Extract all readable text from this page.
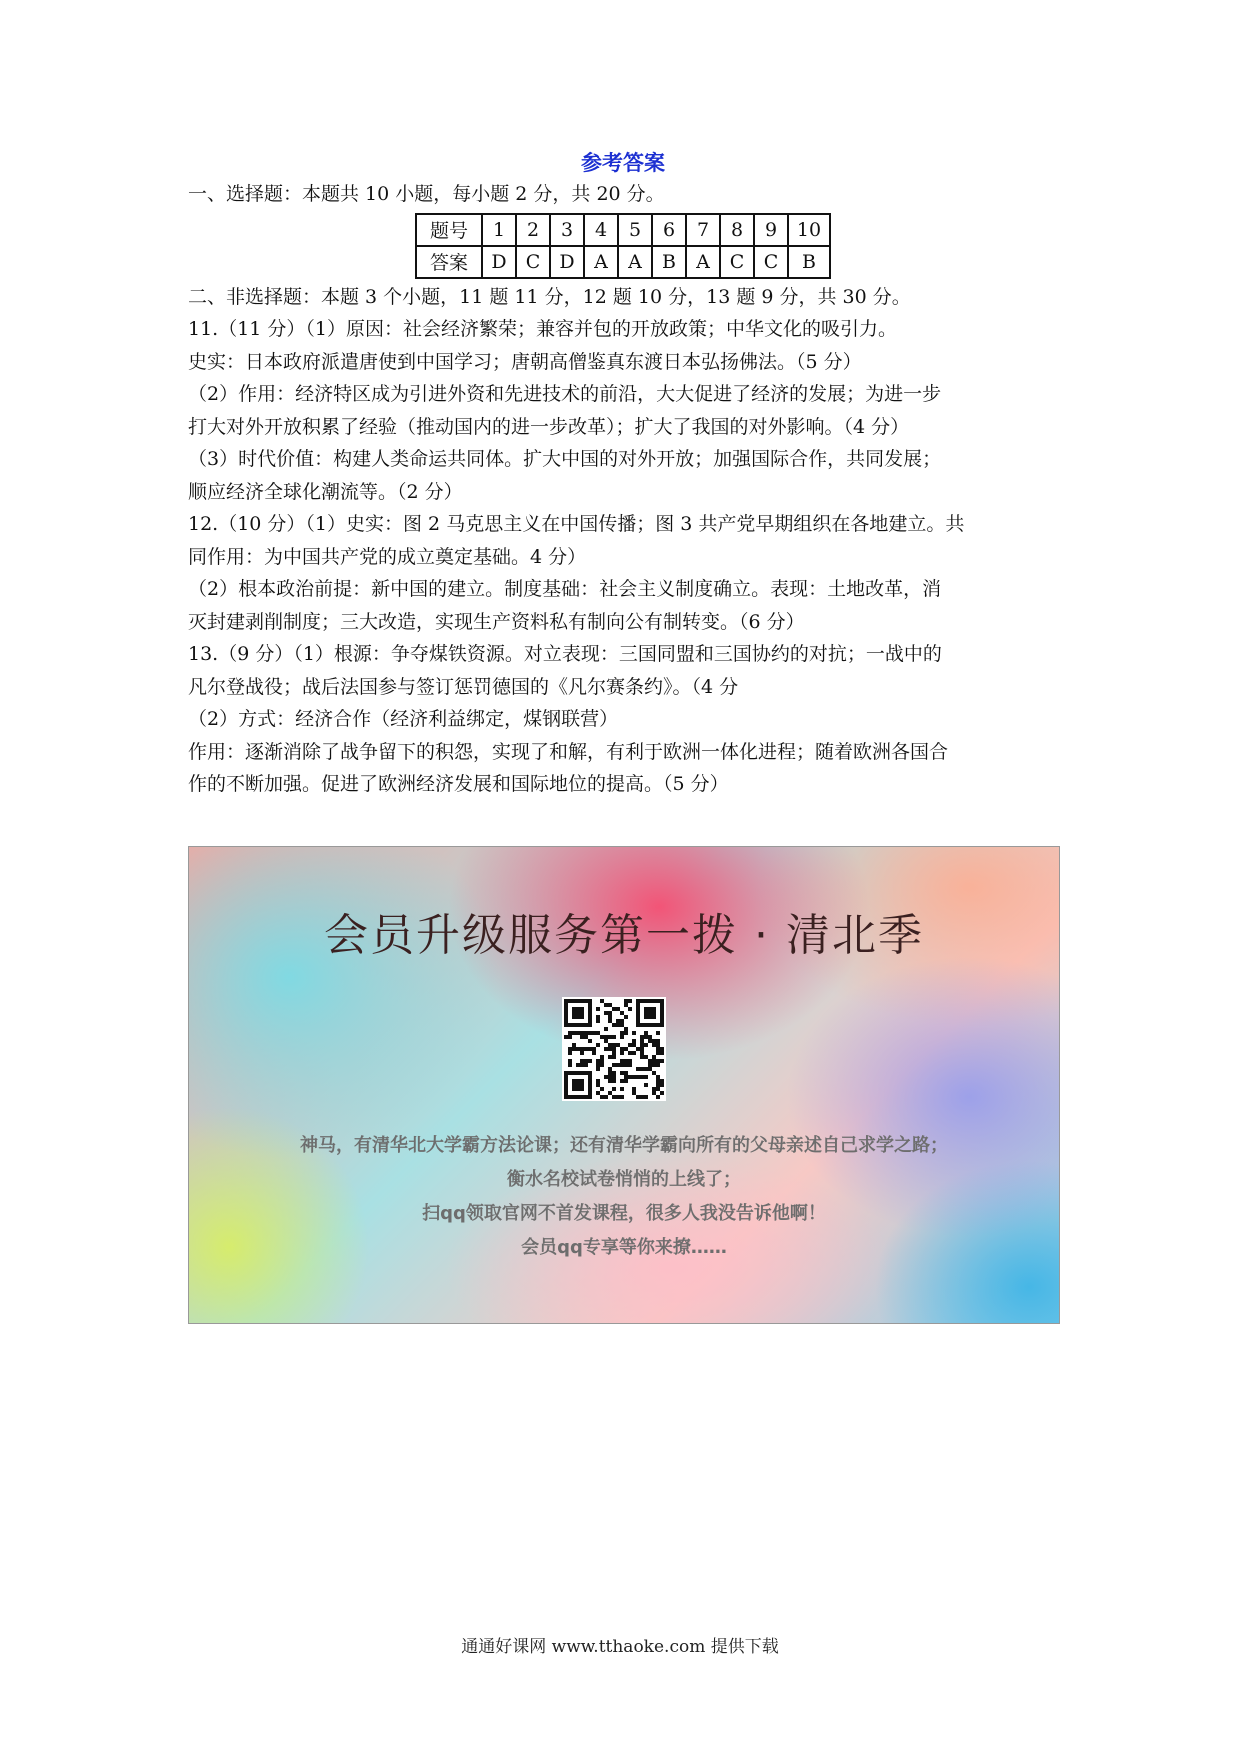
参考答案

一、选择题：本题共 10 小题，每小题 2 分，共 20 分。

题号	1	2	3	4	5	6	7	8	9	10
答案	D	C	D	A	A	B	A	C	C	B

二、非选择题：本题 3 个小题，11 题 11 分，12 题 10 分，13 题 9 分，共 30 分。

11.（11 分）（1）原因：社会经济繁荣；兼容并包的开放政策；中华文化的吸引力。

史实：日本政府派遣唐使到中国学习；唐朝高僧鉴真东渡日本弘扬佛法。（5 分）

（2）作用：经济特区成为引进外资和先进技术的前沿，大大促进了经济的发展；为进一步

打大对外开放积累了经验（推动国内的进一步改革）；扩大了我国的对外影响。（4 分）

（3）时代价值：构建人类命运共同体。扩大中国的对外开放；加强国际合作，共同发展；

顺应经济全球化潮流等。（2 分）

12.（10 分）（1）史实：图 2 马克思主义在中国传播；图 3 共产党早期组织在各地建立。共

同作用：为中国共产党的成立奠定基础。4 分）

（2）根本政治前提：新中国的建立。制度基础：社会主义制度确立。表现：土地改革，消

灭封建剥削制度；三大改造，实现生产资料私有制向公有制转变。（6 分）

13.（9 分）（1）根源：争夺煤铁资源。对立表现：三国同盟和三国协约的对抗；一战中的

凡尔登战役；战后法国参与签订惩罚德国的《凡尔赛条约》。（4 分

（2）方式：经济合作（经济利益绑定，煤钢联营）

作用：逐渐消除了战争留下的积怨，实现了和解，有利于欧洲一体化进程；随着欧洲各国合

作的不断加强。促进了欧洲经济发展和国际地位的提高。（5 分）

会员升级服务第一拨 · 清北季
神马，有清华北大学霸方法论课；还有清华学霸向所有的父母亲述自己求学之路；
衡水名校试卷悄悄的上线了；
扫qq领取官网不首发课程，很多人我没告诉他啊！
会员qq专享等你来撩……
通通好课网 www.tthaoke.com 提供下载
